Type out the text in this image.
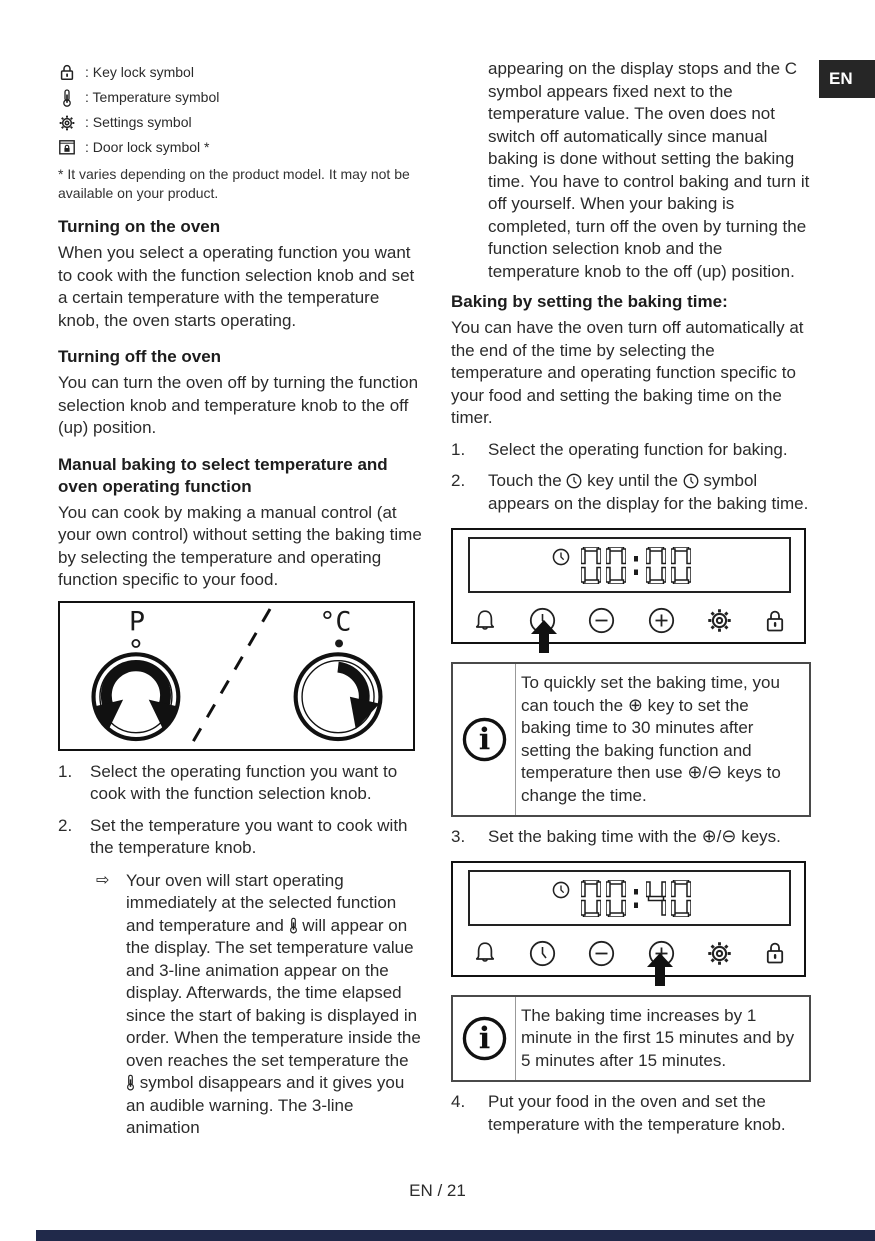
EN
: Key lock symbol
: Temperature symbol
: Settings symbol
: Door lock symbol *

* It varies depending on the product model. It may not be available on your product.

Turning on the oven

When you select a operating function you want to cook with the function selection knob and set a certain temperature with the temperature knob, the oven starts operating.

Turning off the oven

You can turn the oven off by turning the function selection knob and temperature knob to the off (up) position.

Manual baking to select temperature and oven operating function

You can cook by making a manual control (at your own control) without setting the baking time by selecting the temperature and operating function specific to your food.

P	°C
1.	Select the operating function you want to cook with the function selection knob.
2.	Set the temperature you want to cook with the temperature knob.
⇨ Your oven will start operating immediately at the selected function and temperature and  will appear on the display. The set temperature value and 3-line animation appear on the display. Afterwards, the time elapsed since the start of baking is displayed in order. When the temperature inside the oven reaches the set temperature the  symbol disappears and it gives you an audible warning. The 3-line animation

appearing on the display stops and the C symbol appears fixed next to the temperature value. The oven does not switch off automatically since manual baking is done without setting the baking time. You have to control baking and turn it off yourself. When your baking is completed, turn off the oven by turning the function selection knob and the temperature knob to the off (up) position.

Baking by setting the baking time:

You can have the oven turn off automatically at the end of the time by selecting the temperature and operating function specific to your food and setting the baking time on the timer.

1.	Select the operating function for baking.
2.	Touch the  key until the  symbol appears on the display for the baking time.
i
To quickly set the baking time, you can touch the ⊕ key to set the baking time to 30 minutes after setting the baking function and temperature then use ⊕/⊖ keys to change the time.
3.	Set the baking time with the ⊕/⊖ keys.
i
The baking time increases by 1 minute in the first 15 minutes and by 5 minutes after 15 minutes.
4.	Put your food in the oven and set the temperature with the temperature knob.
EN / 21
